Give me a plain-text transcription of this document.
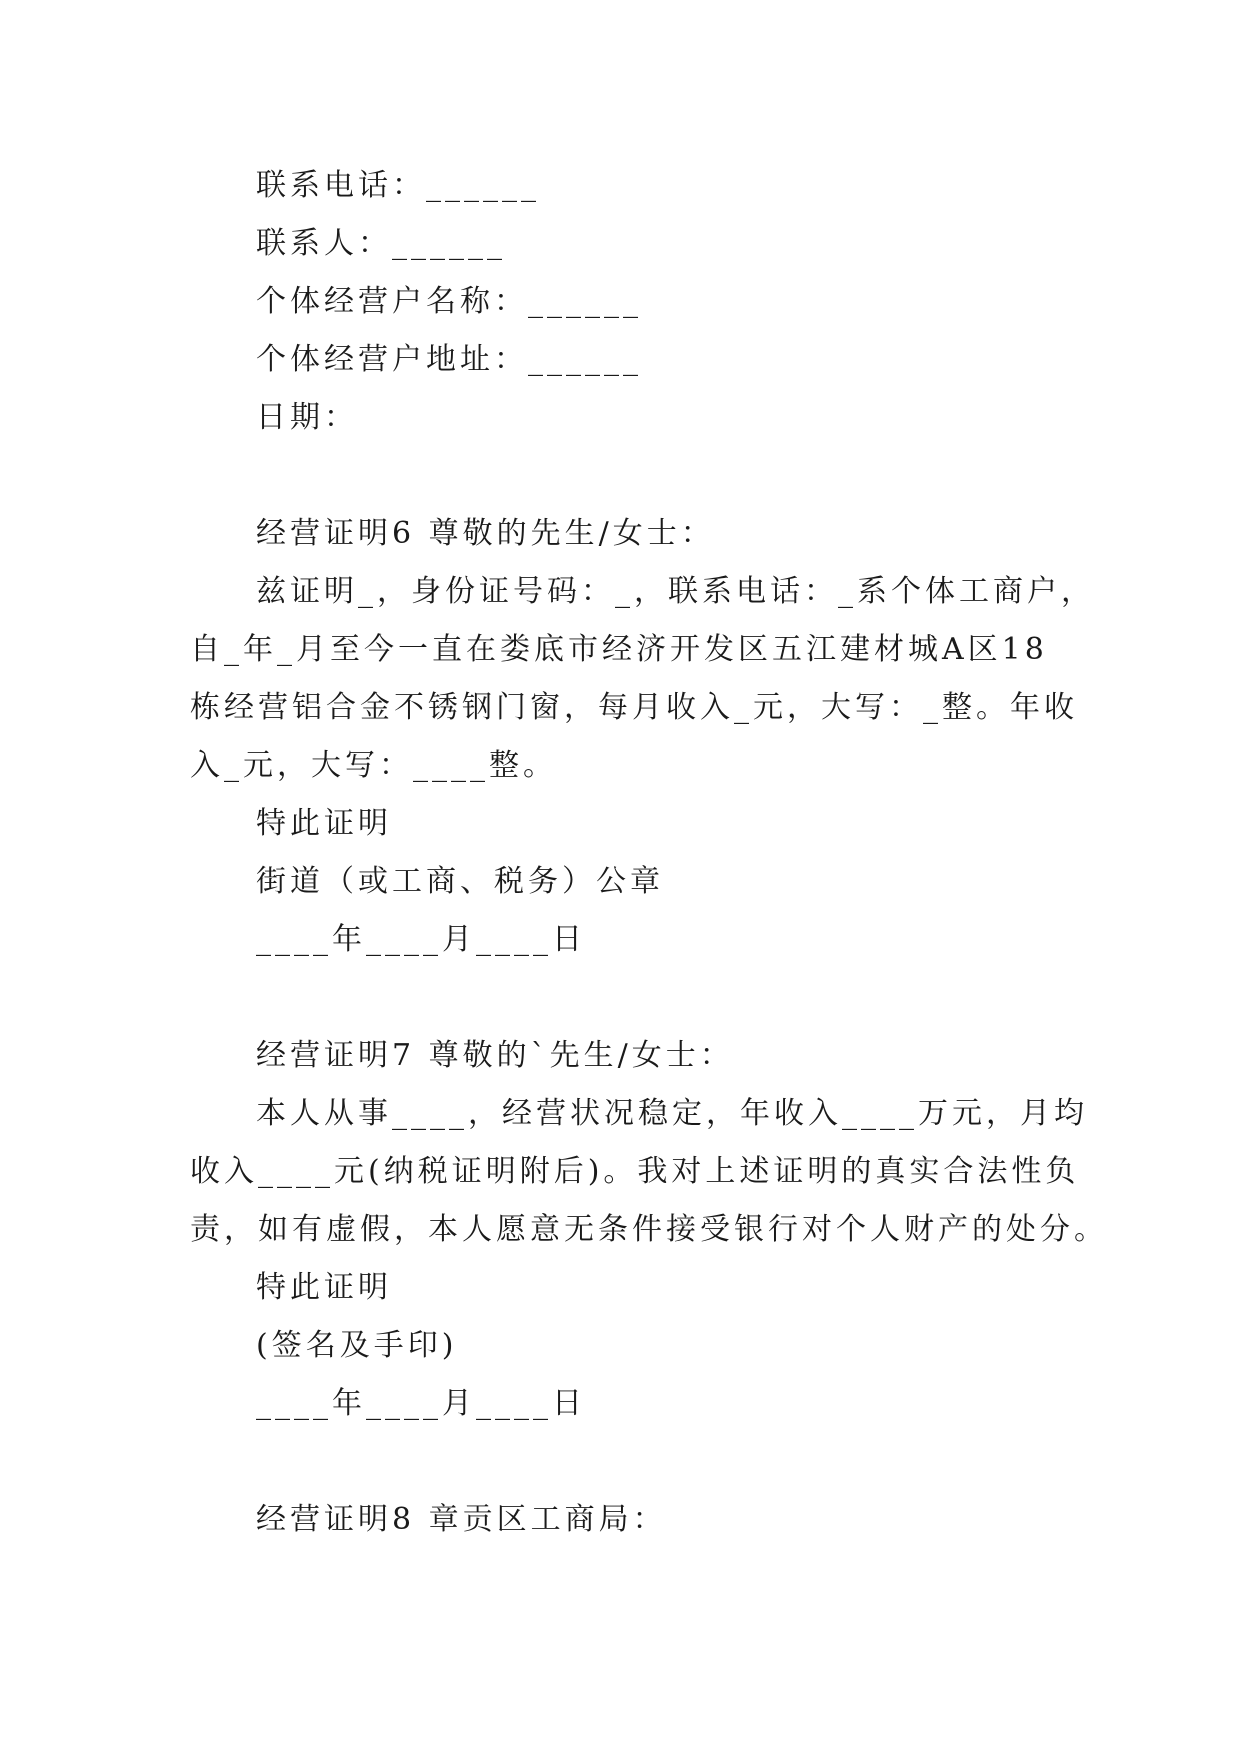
联系电话：______
联系人：______
个体经营户名称：______
个体经营户地址：______
日期：
经营证明6 尊敬的先生/女士：
兹证明_，身份证号码：_，联系电话：_系个体工商户，
自_年_月至今一直在娄底市经济开发区五江建材城A区18
栋经营铝合金不锈钢门窗，每月收入_元，大写：_整。年收
入_元，大写：____整。
特此证明
街道（或工商、税务）公章
____年____月____日
经营证明7 尊敬的`先生/女士：
本人从事____，经营状况稳定，年收入____万元，月均
收入____元(纳税证明附后)。我对上述证明的真实合法性负
责，如有虚假，本人愿意无条件接受银行对个人财产的处分。
特此证明
(签名及手印)
____年____月____日
经营证明8 章贡区工商局：
